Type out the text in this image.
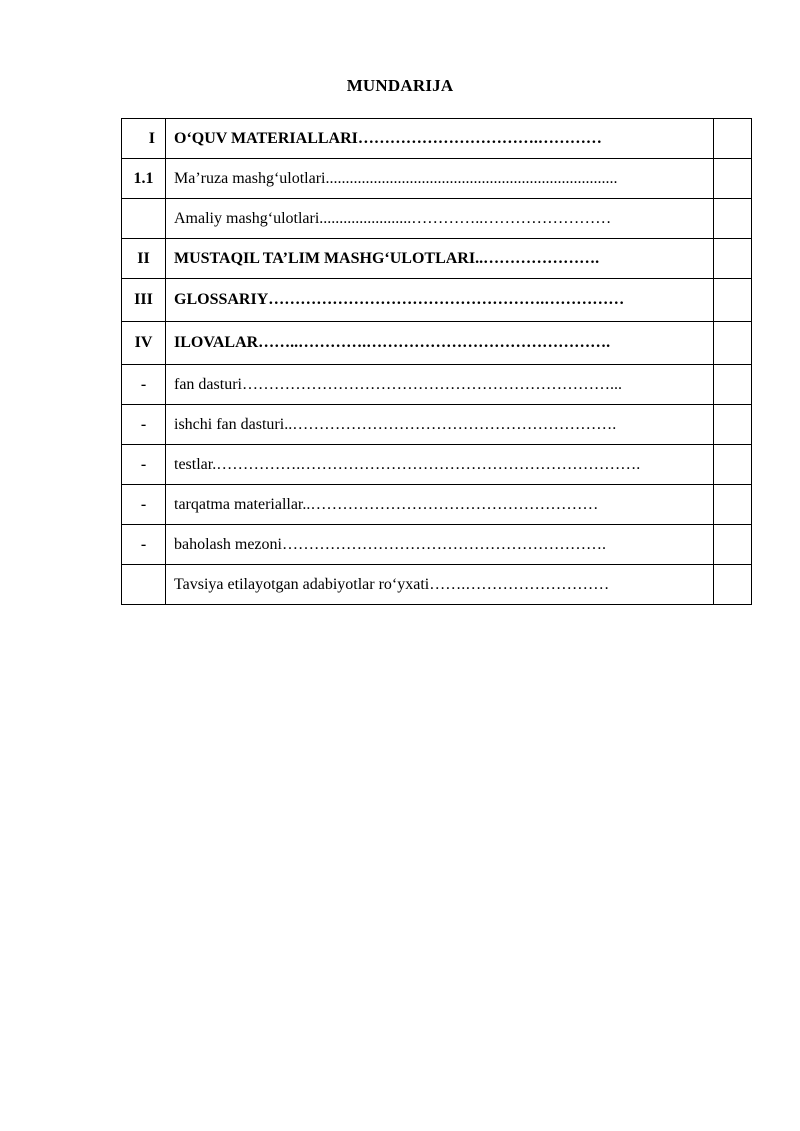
MUNDARIJA
I	O‘QUV MATERIALLARI…………………………….…………	
1.1	Ma’ruza mashg‘ulotlari.........................................................................	
	Amaliy mashg‘ulotlari.......................…………..……………………	
II	MUSTAQIL TA’LIM MASHG‘ULOTLARI..………………….	
III	GLOSSARIY…………………………………………….……………	
IV	ILOVALAR……..………….……………………………………….	
-	fan dasturi……………………………………………………………...	
-	ishchi fan dasturi..…………………………………………………….	
-	testlar.…………….……………………………………………………….	
-	tarqatma materiallar..………………………………………………	
-	baholash mezoni…………………………………………………….	
	Tavsiya etilayotgan adabiyotlar ro‘yxati…….………………………	
